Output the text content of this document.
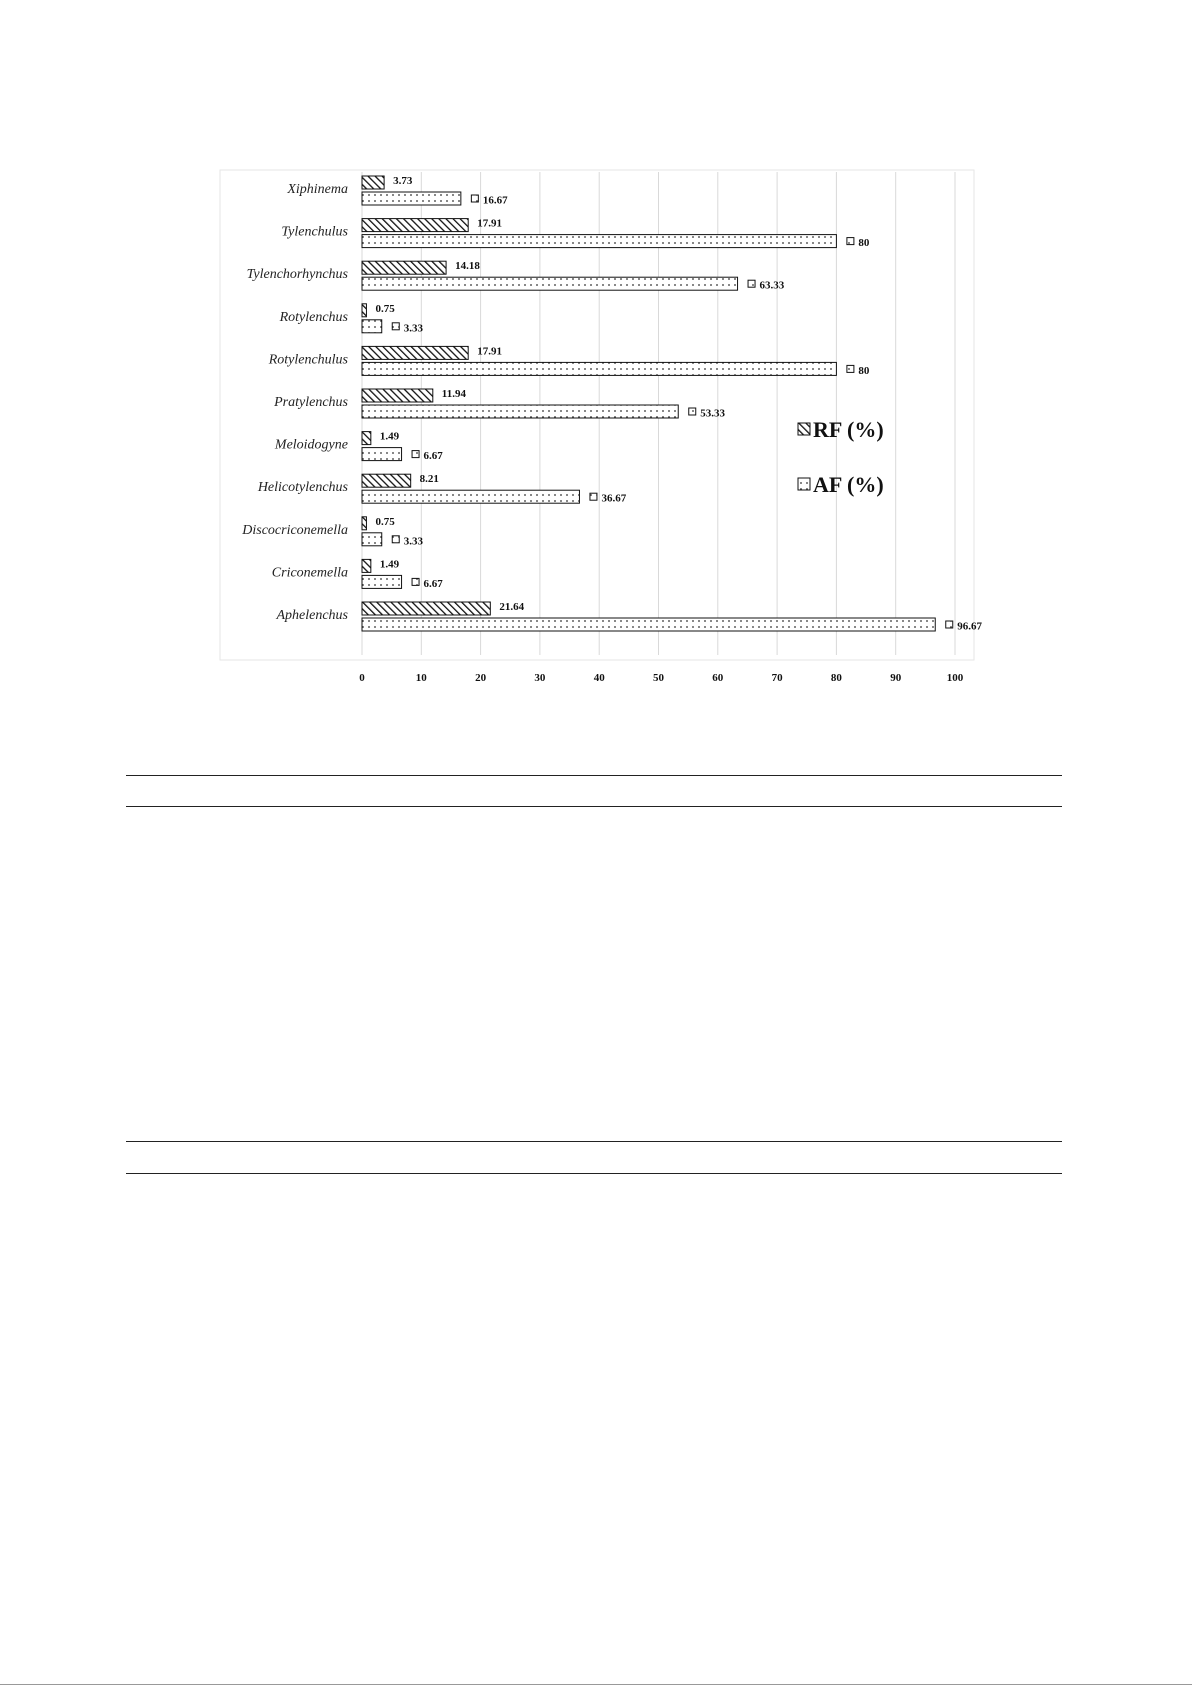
3.73
16.67
17.91
80
14.18
63.33
0.75
3.33
17.91
80
11.94
53.33
1.49
6.67
8.21
36.67
0.75
3.33
1.49
6.67
21.64
96.67
Xiphinema
Tylenchulus
Tylenchorhynchus
Rotylenchus
Rotylenchulus
Pratylenchus
Meloidogyne
Helicotylenchus
Discocriconemella
Criconemella
Aphelenchus
0	10	20	30	40	50	60	70	80	90	100
RF (%)
AF (%)
